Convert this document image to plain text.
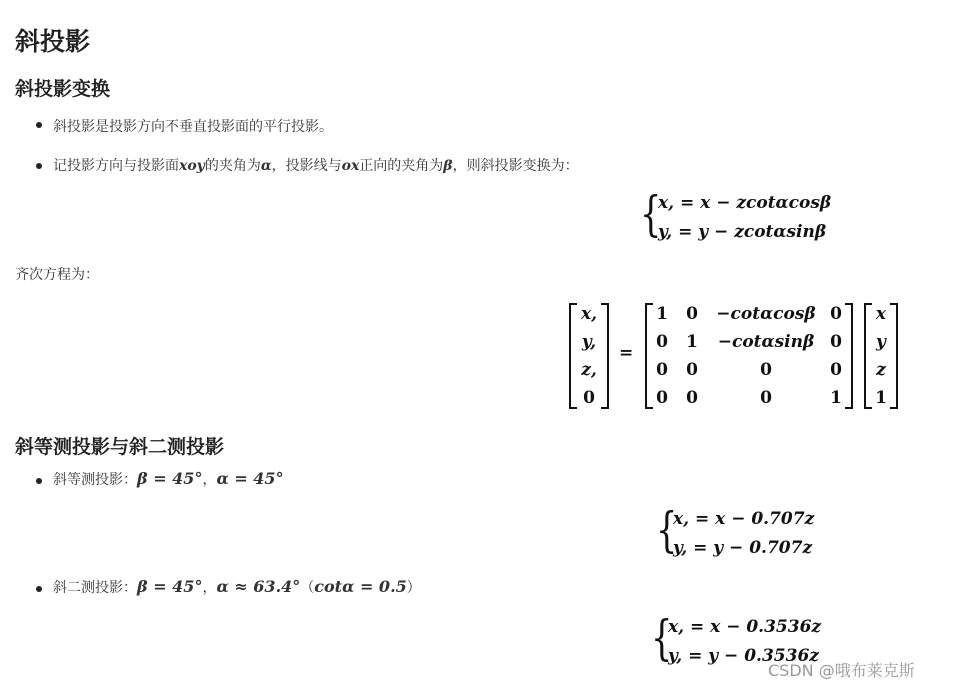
斜投影
斜投影变换
斜投影是投影方向不垂直投影面的平行投影。
记投影方向与投影面xoy的夹角为α，投影线与ox正向的夹角为β，则斜投影变换为：
{
x, = x − zcotαcosβ
y, = y − zcotαsinβ
齐次方程为：
x,
y,
z,
0
=
1 0	−cotαcosβ 0
0 1	−cotαsinβ 0
0 0	0	0
0 0	0	1
x
y
z
1
斜等测投影与斜二测投影
斜等测投影：β = 45°，α = 45°
{
x, = x − 0.707z
y, = y − 0.707z
斜二测投影：β = 45°，α ≈ 63.4°（cotα = 0.5）
{
x, = x − 0.3536z
y, = y − 0.3536z
CSDN @哦布莱克斯
